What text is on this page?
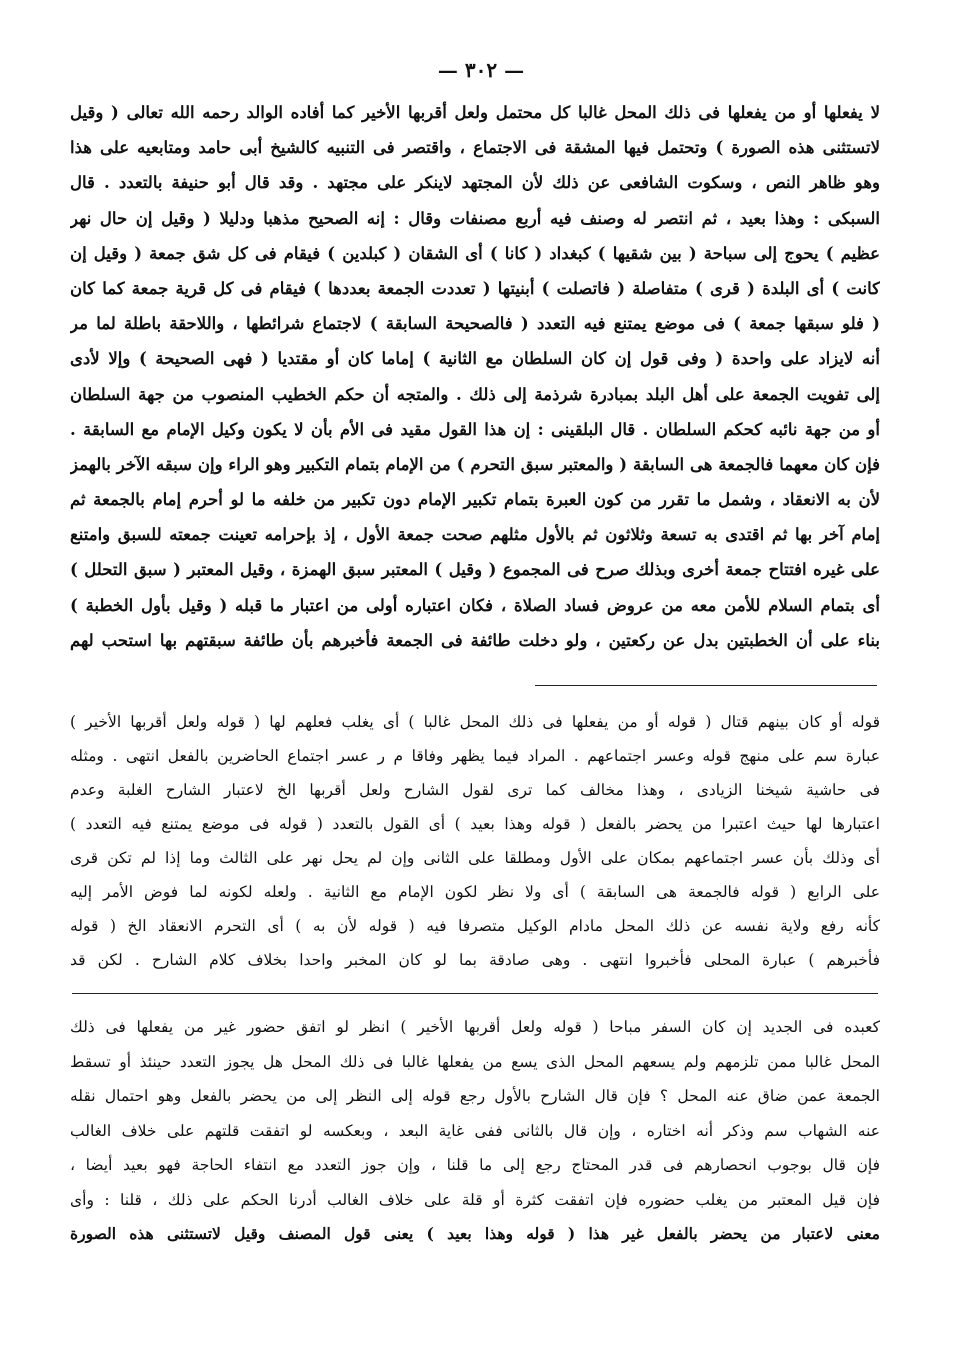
— ٣٠٢ —
لا يفعلها أو من يفعلها فى ذلك المحل غالبا كل محتمل ولعل أقربها الأخير كما أفاده الوالد رحمه الله تعالى ( وقيل
لاتستثنى هذه الصورة ) وتحتمل فيها المشقة فى الاجتماع ، واقتصر فى التنبيه كالشيخ أبى حامد ومتابعيه على هذا
وهو ظاهر النص ، وسكوت الشافعى عن ذلك لأن المجتهد لاينكر على مجتهد . وقد قال أبو حنيفة بالتعدد . قال
السبكى : وهذا بعيد ، ثم انتصر له وصنف فيه أربع مصنفات وقال : إنه الصحيح مذهبا ودليلا ( وقيل إن حال نهر
عظيم ) يحوج إلى سباحة ( بين شقيها ) كبغداد ( كانا ) أى الشقان ( كبلدين ) فيقام فى كل شق جمعة ( وقيل إن
كانت ) أى البلدة ( قرى ) متفاصلة ( فاتصلت ) أبنيتها ( تعددت الجمعة بعددها ) فيقام فى كل قرية جمعة كما كان
( فلو سبقها جمعة ) فى موضع يمتنع فيه التعدد ( فالصحيحة السابقة ) لاجتماع شرائطها ، واللاحقة باطلة لما مر
أنه لايزاد على واحدة ( وفى قول إن كان السلطان مع الثانية ) إماما كان أو مقتديا ( فهى الصحيحة ) وإلا لأدى
إلى تفويت الجمعة على أهل البلد بمبادرة شرذمة إلى ذلك . والمتجه أن حكم الخطيب المنصوب من جهة السلطان
أو من جهة نائبه كحكم السلطان . قال البلقينى : إن هذا القول مقيد فى الأم بأن لا يكون وكيل الإمام مع السابقة .
فإن كان معهما فالجمعة هى السابقة ( والمعتبر سبق التحرم ) من الإمام بتمام التكبير وهو الراء وإن سبقه الآخر بالهمز
لأن به الانعقاد ، وشمل ما تقرر من كون العبرة بتمام تكبير الإمام دون تكبير من خلفه ما لو أحرم إمام بالجمعة ثم
إمام آخر بها ثم اقتدى به تسعة وثلاثون ثم بالأول مثلهم صحت جمعة الأول ، إذ بإحرامه تعينت جمعته للسبق وامتنع
على غيره افتتاح جمعة أخرى وبذلك صرح فى المجموع ( وقيل ) المعتبر سبق الهمزة ، وقيل المعتبر ( سبق التحلل )
أى بتمام السلام للأمن معه من عروض فساد الصلاة ، فكان اعتباره أولى من اعتبار ما قبله ( وقيل بأول الخطبة )
بناء على أن الخطبتين بدل عن ركعتين ، ولو دخلت طائفة فى الجمعة فأخبرهم بأن طائفة سبقتهم بها استحب لهم
قوله أو كان بينهم قتال ( قوله أو من يفعلها فى ذلك المحل غالبا ) أى يغلب فعلهم لها ( قوله ولعل أقربها الأخير )
عبارة سم على منهج قوله وعسر اجتماعهم . المراد فيما يظهر وفاقا م ر عسر اجتماع الحاضرين بالفعل انتهى . ومثله
فى حاشية شيخنا الزيادى ، وهذا مخالف كما ترى لقول الشارح ولعل أقربها الخ لاعتبار الشارح الغلبة وعدم
اعتبارها لها حيث اعتبرا من يحضر بالفعل ( قوله وهذا بعيد ) أى القول بالتعدد ( قوله فى موضع يمتنع فيه التعدد )
أى وذلك بأن عسر اجتماعهم بمكان على الأول ومطلقا على الثانى وإن لم يحل نهر على الثالث وما إذا لم تكن قرى
على الرابع ( قوله فالجمعة هى السابقة ) أى ولا نظر لكون الإمام مع الثانية . ولعله لكونه لما فوض الأمر إليه
كأنه رفع ولاية نفسه عن ذلك المحل مادام الوكيل متصرفا فيه ( قوله لأن به ) أى التحرم الانعقاد الخ ( قوله
فأخبرهم ) عبارة المحلى فأخبروا انتهى . وهى صادقة بما لو كان المخبر واحدا بخلاف كلام الشارح . لكن قد
كعبده فى الجديد إن كان السفر مباحا ( قوله ولعل أقربها الأخير ) انظر لو اتفق حضور غير من يفعلها فى ذلك
المحل غالبا ممن تلزمهم ولم يسعهم المحل الذى يسع من يفعلها غالبا فى ذلك المحل هل يجوز التعدد حينئذ أو تسقط
الجمعة عمن ضاق عنه المحل ؟ فإن قال الشارح بالأول رجع قوله إلى النظر إلى من يحضر بالفعل وهو احتمال نقله
عنه الشهاب سم وذكر أنه اختاره ، وإن قال بالثانى ففى غاية البعد ، وبعكسه لو اتفقت قلتهم على خلاف الغالب
فإن قال بوجوب انحصارهم فى قدر المحتاج رجع إلى ما قلنا ، وإن جوز التعدد مع انتفاء الحاجة فهو بعيد أيضا ،
فإن قيل المعتبر من يغلب حضوره فإن اتفقت كثرة أو قلة على خلاف الغالب أدرنا الحكم على ذلك ، قلنا : وأى
معنى لاعتبار من يحضر بالفعل غير هذا ( قوله وهذا بعيد ) يعنى قول المصنف وقيل لاتستثنى هذه الصورة
